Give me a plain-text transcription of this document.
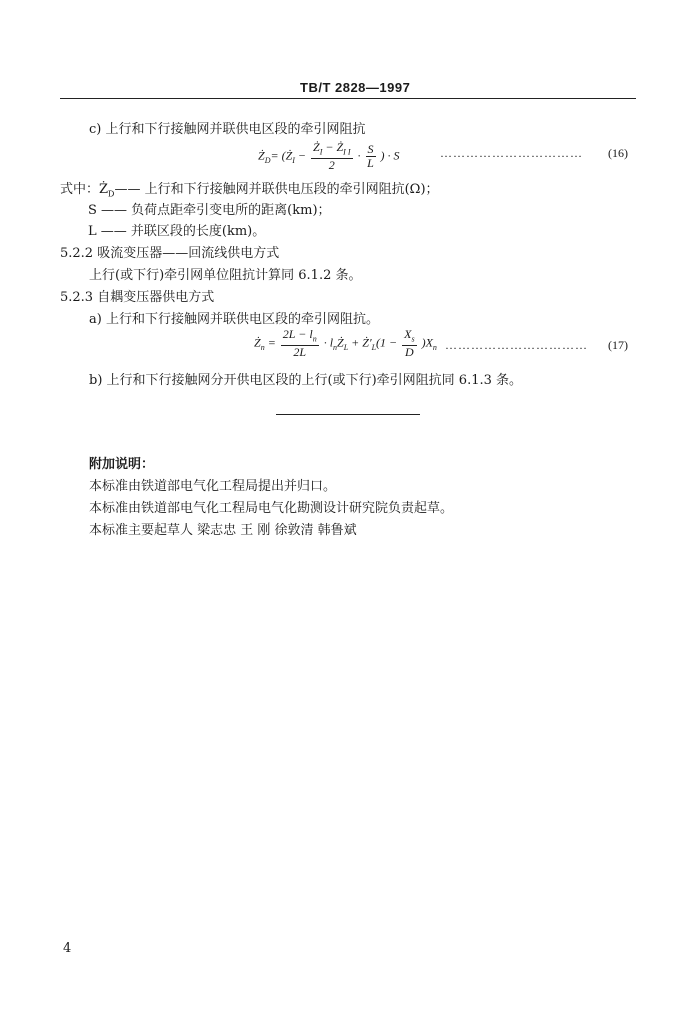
TB/T 2828—1997
c) 上行和下行接触网并联供电区段的牵引网阻抗
$Ż_D=$ ($Ż_I - \frac{Ż_I - Ż_{I I}}{2} \cdot \frac{S}{L}$ ) · S	…………………………… (16)
式中：$Ż_D——$ 上行和下行接触网并联供电压段的牵引网阻抗(Ω)；
S —— 负荷点距牵引变电所的距离(km)；
L —— 并联区段的长度(km)。
5.2.2 吸流变压器——回流线供电方式
上行(或下行)牵引网单位阻抗计算同 6.1.2 条。
5.2.3 自耦变压器供电方式
a) 上行和下行接触网并联供电区段的牵引网阻抗。
$Ż_n = \frac{2L - l_n}{2L}$ · $l_nŻ_L$ + $Ż'_L(1 - \frac{X_s}{D} )X_n$ …………………………… (17)
b) 上行和下行接触网分开供电区段的上行(或下行)牵引网阻抗同 6.1.3 条。
附加说明：
本标准由铁道部电气化工程局提出并归口。
本标准由铁道部电气化工程局电气化勘测设计研究院负责起草。
本标准主要起草人 梁志忠 王 刚 徐敦清 韩鲁斌
4
